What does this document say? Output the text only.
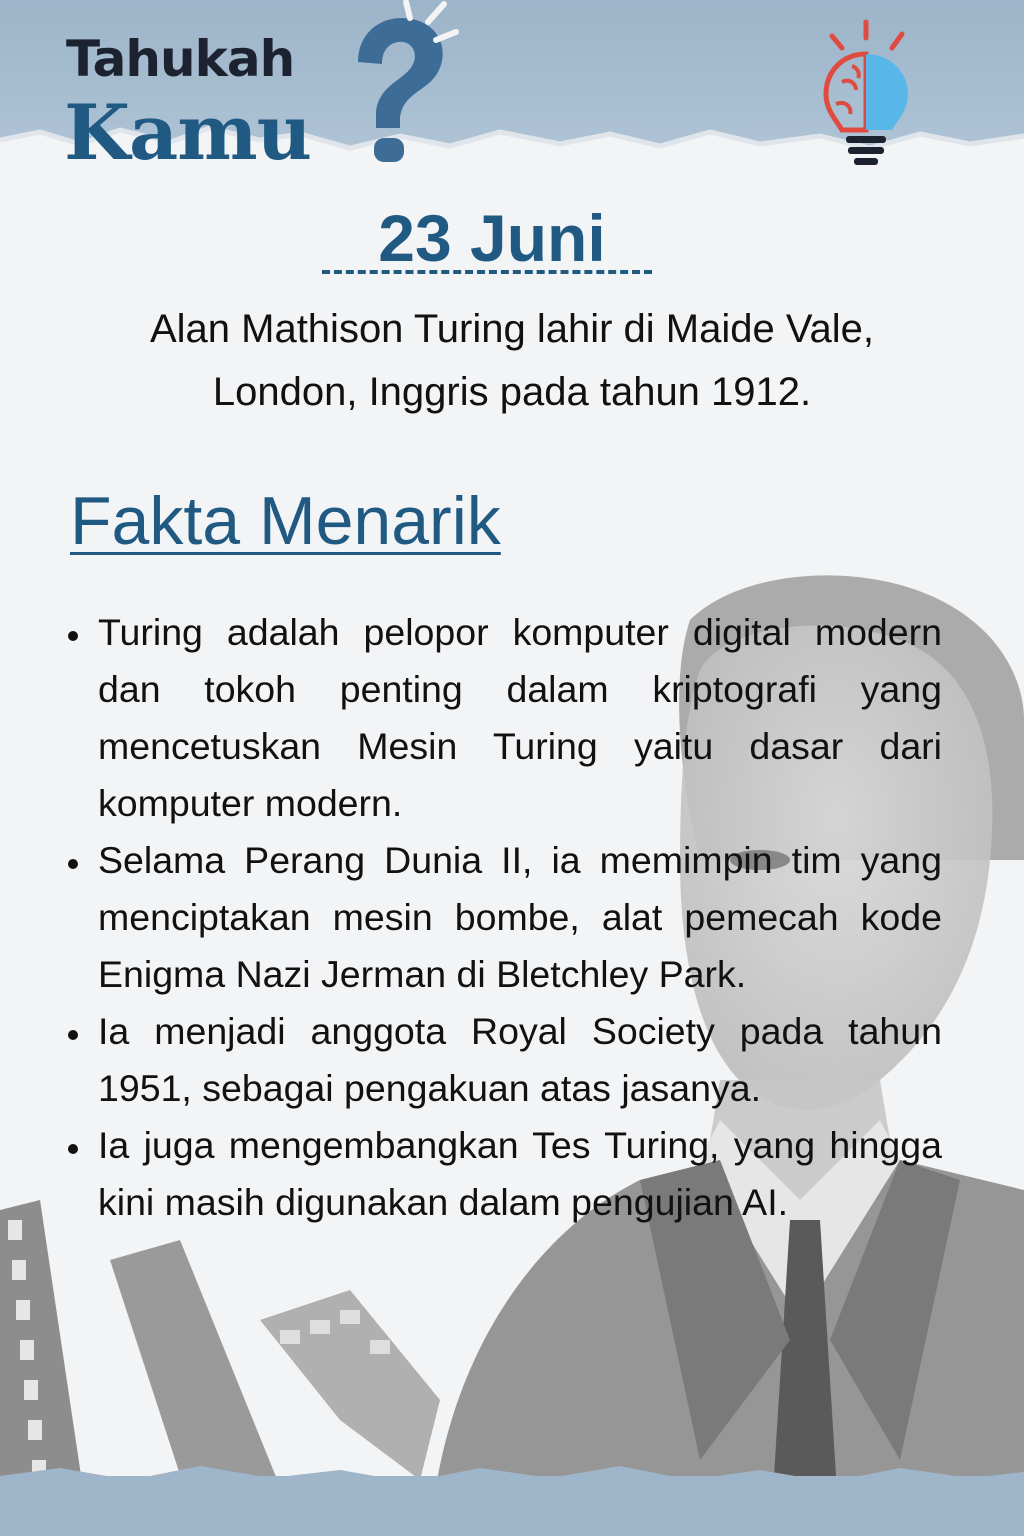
Tahukah
Kamu
23 Juni
Alan Mathison Turing lahir di Maide Vale, London, Inggris pada tahun 1912.
Fakta Menarik
Turing adalah pelopor komputer digital modern dan tokoh penting dalam kriptografi yang mencetuskan Mesin Turing yaitu dasar dari komputer modern.
Selama Perang Dunia II, ia memimpin tim yang menciptakan mesin bombe, alat pemecah kode Enigma Nazi Jerman di Bletchley Park.
Ia menjadi anggota Royal Society pada tahun 1951, sebagai pengakuan atas jasanya.
Ia juga mengembangkan Tes Turing, yang hingga kini masih digunakan dalam pengujian AI.
